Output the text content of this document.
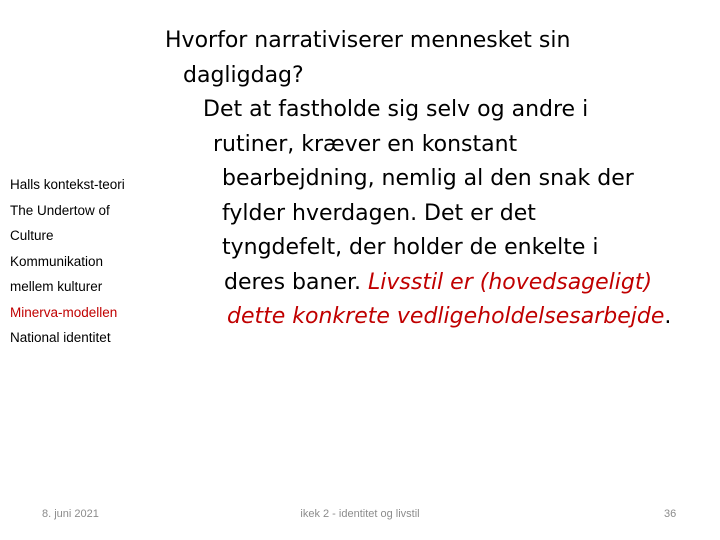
Halls kontekst-teori
The Undertow of
Culture
Kommunikation
mellem kulturer
Minerva-modellen
National identitet
Hvorfor narrativiserer mennesket sin
dagligdag?
Det at fastholde sig selv og andre i
rutiner, kræver en konstant
bearbejdning, nemlig al den snak der
fylder hverdagen. Det er det
tyngdefelt, der holder de enkelte i
deres baner. Livsstil er (hovedsageligt)
dette konkrete vedligeholdelsesarbejde.
8. juni 2021	ikek 2 - identitet og livstil	36
